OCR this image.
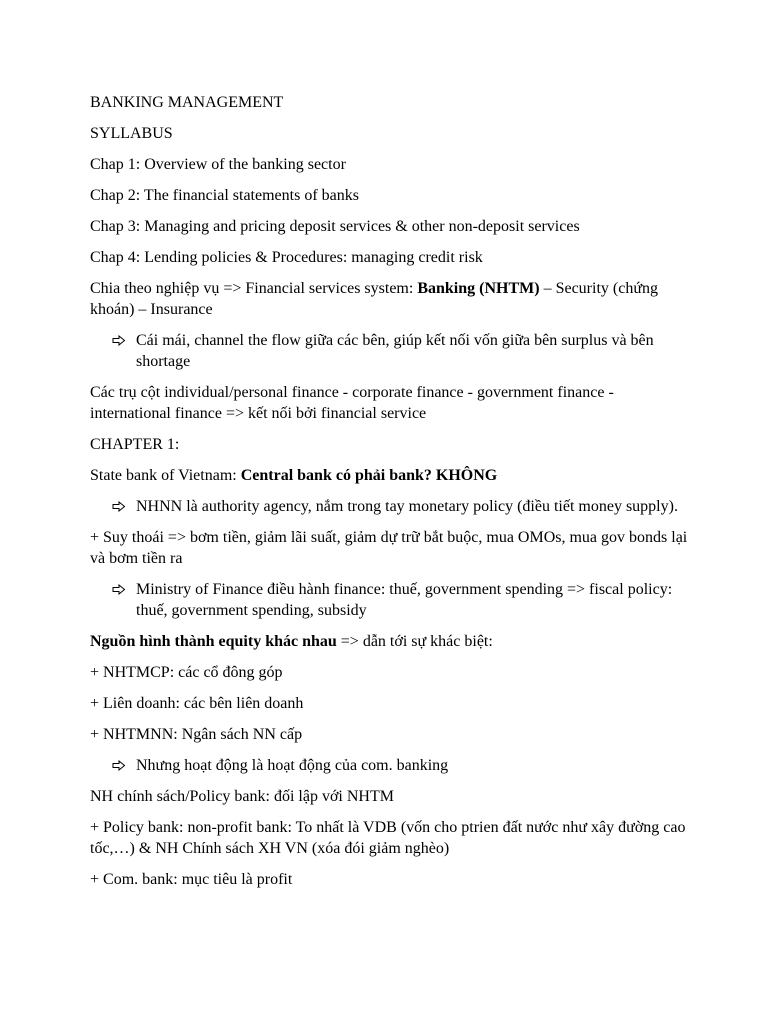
BANKING MANAGEMENT

SYLLABUS

Chap 1: Overview of the banking sector

Chap 2: The financial statements of banks

Chap 3: Managing and pricing deposit services & other non-deposit services

Chap 4: Lending policies & Procedures: managing credit risk

Chia theo nghiệp vụ => Financial services system: Banking (NHTM) – Security (chứng khoán) – Insurance

Cái mái, channel the flow giữa các bên, giúp kết nối vốn giữa bên surplus và bên shortage

Các trụ cột individual/personal finance - corporate finance - government finance - international finance => kết nối bởi financial service

CHAPTER 1:

State bank of Vietnam: Central bank có phải bank? KHÔNG

NHNN là authority agency, nắm trong tay monetary policy (điều tiết money supply).

+ Suy thoái => bơm tiền, giảm lãi suất, giảm dự trữ bắt buộc, mua OMOs, mua gov bonds lại và bơm tiền ra

Ministry of Finance điều hành finance: thuế, government spending => fiscal policy: thuế, government spending, subsidy

Nguồn hình thành equity khác nhau => dẫn tới sự khác biệt:

+ NHTMCP: các cổ đông góp

+ Liên doanh: các bên liên doanh

+ NHTMNN: Ngân sách NN cấp

Nhưng hoạt động là hoạt động của com. banking

NH chính sách/Policy bank: đối lập với NHTM

+ Policy bank: non-profit bank: To nhất là VDB (vốn cho ptrien đất nước như xây đường cao tốc,…) & NH Chính sách XH VN (xóa đói giảm nghèo)

+ Com. bank: mục tiêu là profit
